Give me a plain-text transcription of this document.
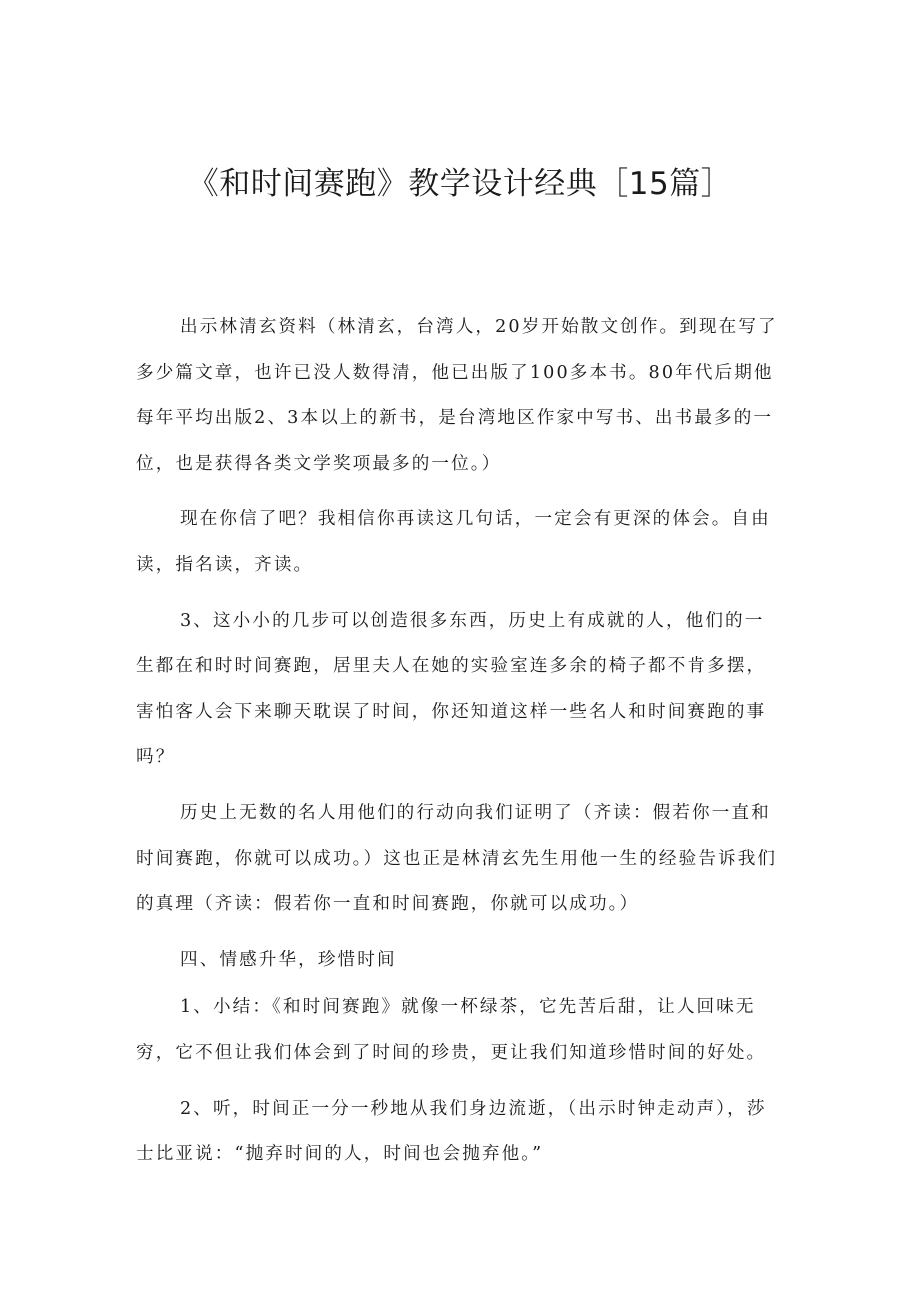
《和时间赛跑》教学设计经典［15篇］

出示林清玄资料（林清玄，台湾人，20岁开始散文创作。到现在写了多少篇文章，也许已没人数得清，他已出版了100多本书。80年代后期他每年平均出版2、3本以上的新书，是台湾地区作家中写书、出书最多的一位，也是获得各类文学奖项最多的一位。）

现在你信了吧？我相信你再读这几句话，一定会有更深的体会。自由读，指名读，齐读。

3、这小小的几步可以创造很多东西，历史上有成就的人，他们的一生都在和时时间赛跑，居里夫人在她的实验室连多余的椅子都不肯多摆，害怕客人会下来聊天耽误了时间，你还知道这样一些名人和时间赛跑的事吗？

历史上无数的名人用他们的行动向我们证明了（齐读：假若你一直和时间赛跑，你就可以成功。）这也正是林清玄先生用他一生的经验告诉我们的真理（齐读：假若你一直和时间赛跑，你就可以成功。）

四、情感升华，珍惜时间

1、小结：《和时间赛跑》就像一杯绿茶，它先苦后甜，让人回味无穷，它不但让我们体会到了时间的珍贵，更让我们知道珍惜时间的好处。

2、听，时间正一分一秒地从我们身边流逝，（出示时钟走动声），莎士比亚说：“抛弃时间的人，时间也会抛弃他。”
